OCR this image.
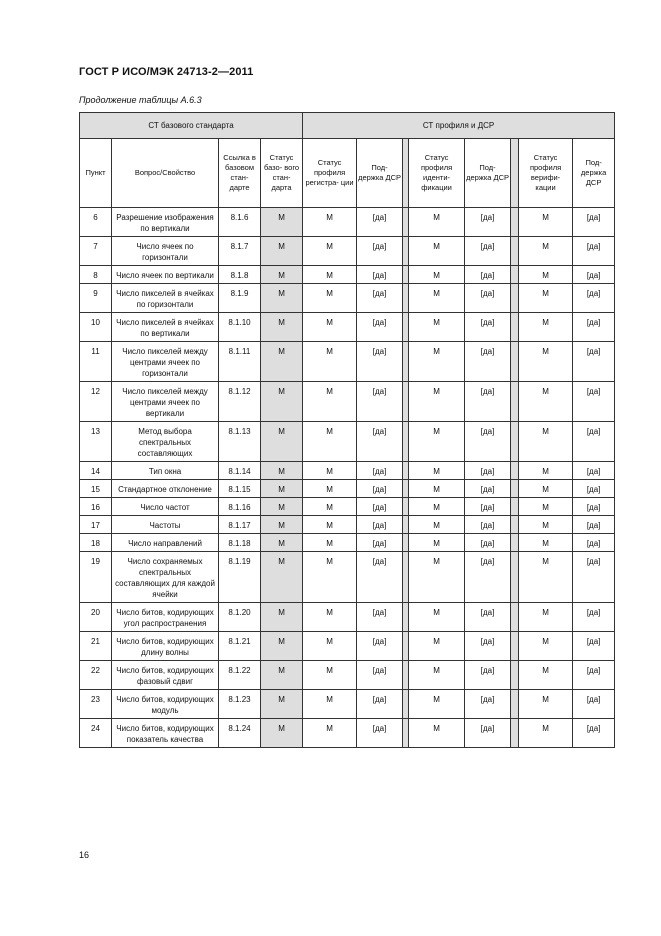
ГОСТ Р ИСО/МЭК 24713-2—2011
Продолжение таблицы А.6.3
СТ базового стандарта				СТ профиля и ДСР							
Пункт	Вопрос/Свойство	Ссылка в базовом стан- дарте	Статус базо- вого стан- дарта	Статус профиля регистра- ции	Под- держка ДСР		Статус профиля иденти- фикации	Под- держка ДСР		Статус профиля верифи- кации	Под- держка ДСР
6	Разрешение изображения по вертикали	8.1.6	М	М	[да]		М	[да]		М	[да]
7	Число ячеек по горизонтали	8.1.7	М	М	[да]		М	[да]		М	[да]
8	Число ячеек по вертикали	8.1.8	М	М	[да]		М	[да]		М	[да]
9	Число пикселей в ячейках по горизонтали	8.1.9	М	М	[да]		М	[да]		М	[да]
10	Число пикселей в ячейках по вертикали	8.1.10	М	М	[да]		М	[да]		М	[да]
11	Число пикселей между центрами ячеек по горизонтали	8.1.11	М	М	[да]		М	[да]		М	[да]
12	Число пикселей между центрами ячеек по вертикали	8.1.12	М	М	[да]		М	[да]		М	[да]
13	Метод выбора спектральных составляющих	8.1.13	М	М	[да]		М	[да]		М	[да]
14	Тип окна	8.1.14	М	М	[да]		М	[да]		М	[да]
15	Стандартное отклонение	8.1.15	М	М	[да]		М	[да]		М	[да]
16	Число частот	8.1.16	М	М	[да]		М	[да]		М	[да]
17	Частоты	8.1.17	М	М	[да]		М	[да]		М	[да]
18	Число направлений	8.1.18	М	М	[да]		М	[да]		М	[да]
19	Число сохраняемых спектральных составляющих для каждой ячейки	8.1.19	М	М	[да]		М	[да]		М	[да]
20	Число битов, кодирующих угол распространения	8.1.20	М	М	[да]		М	[да]		М	[да]
21	Число битов, кодирующих длину волны	8.1.21	М	М	[да]		М	[да]		М	[да]
22	Число битов, кодирующих фазовый сдвиг	8.1.22	М	М	[да]		М	[да]		М	[да]
23	Число битов, кодирующих модуль	8.1.23	М	М	[да]		М	[да]		М	[да]
24	Число битов, кодирующих показатель качества	8.1.24	М	М	[да]		М	[да]		М	[да]
16
